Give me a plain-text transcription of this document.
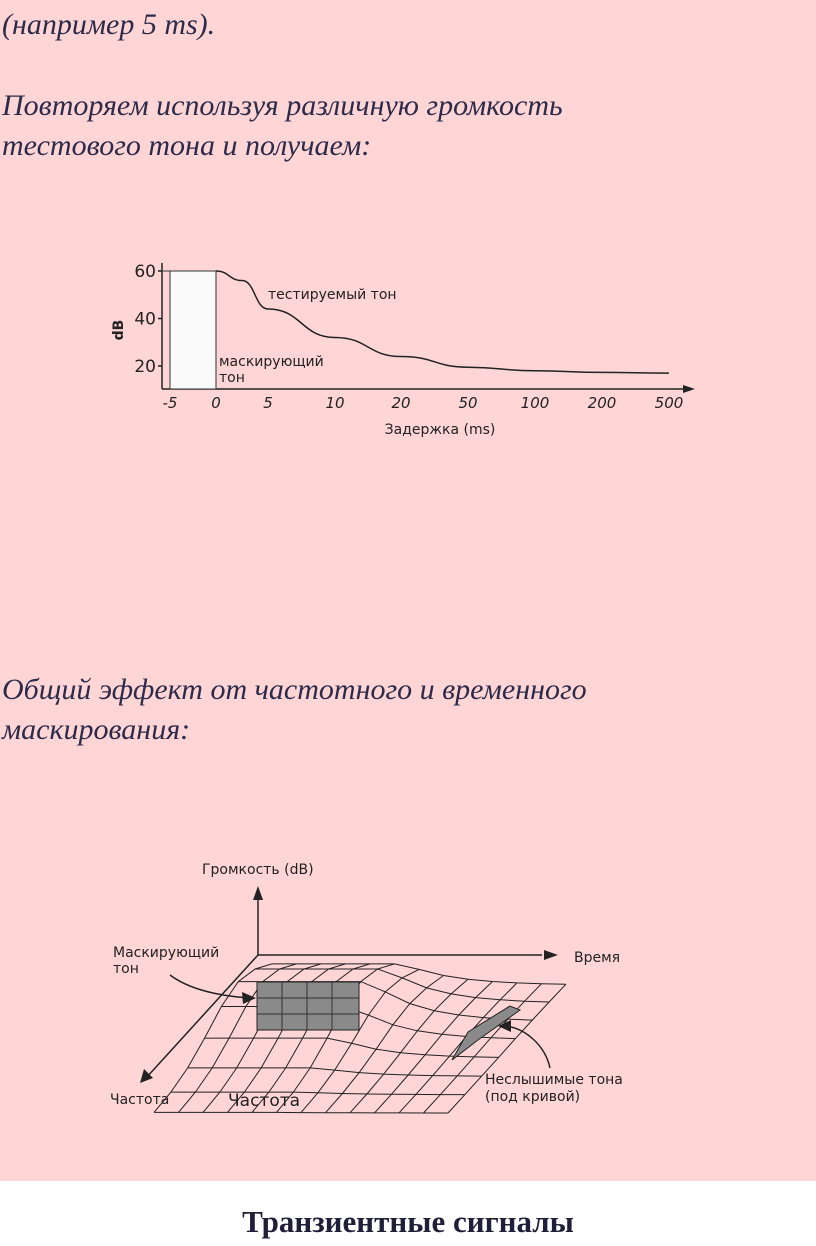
(например 5 ms).

Повторяем используя различную громкость
тестового тона и получаем:

Общий эффект от частотного и временного
маскирования:

20
40
60
-5 0	5	10	20	50	100	200	500
dB
Задержка (ms)
маскирующий
тон
тестируемый тон
Громкость (dB)
Время
Частота	Частота
Маскирующий
тон
Неслышимые тона
(под кривой)
Транзиентные сигналы
